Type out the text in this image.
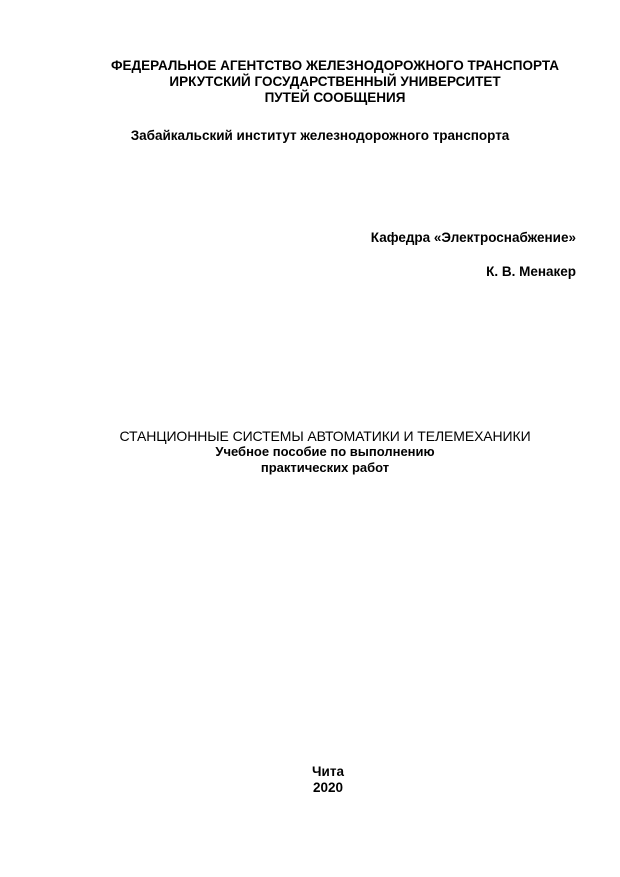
ФЕДЕРАЛЬНОЕ АГЕНТСТВО ЖЕЛЕЗНОДОРОЖНОГО ТРАНСПОРТА
ИРКУТСКИЙ ГОСУДАРСТВЕННЫЙ УНИВЕРСИТЕТ
ПУТЕЙ СООБЩЕНИЯ
Забайкальский институт железнодорожного транспорта
Кафедра «Электроснабжение»
К. В. Менакер
СТАНЦИОННЫЕ СИСТЕМЫ АВТОМАТИКИ И ТЕЛЕМЕХАНИКИ
Учебное пособие по выполнению
практических работ
Чита
2020
